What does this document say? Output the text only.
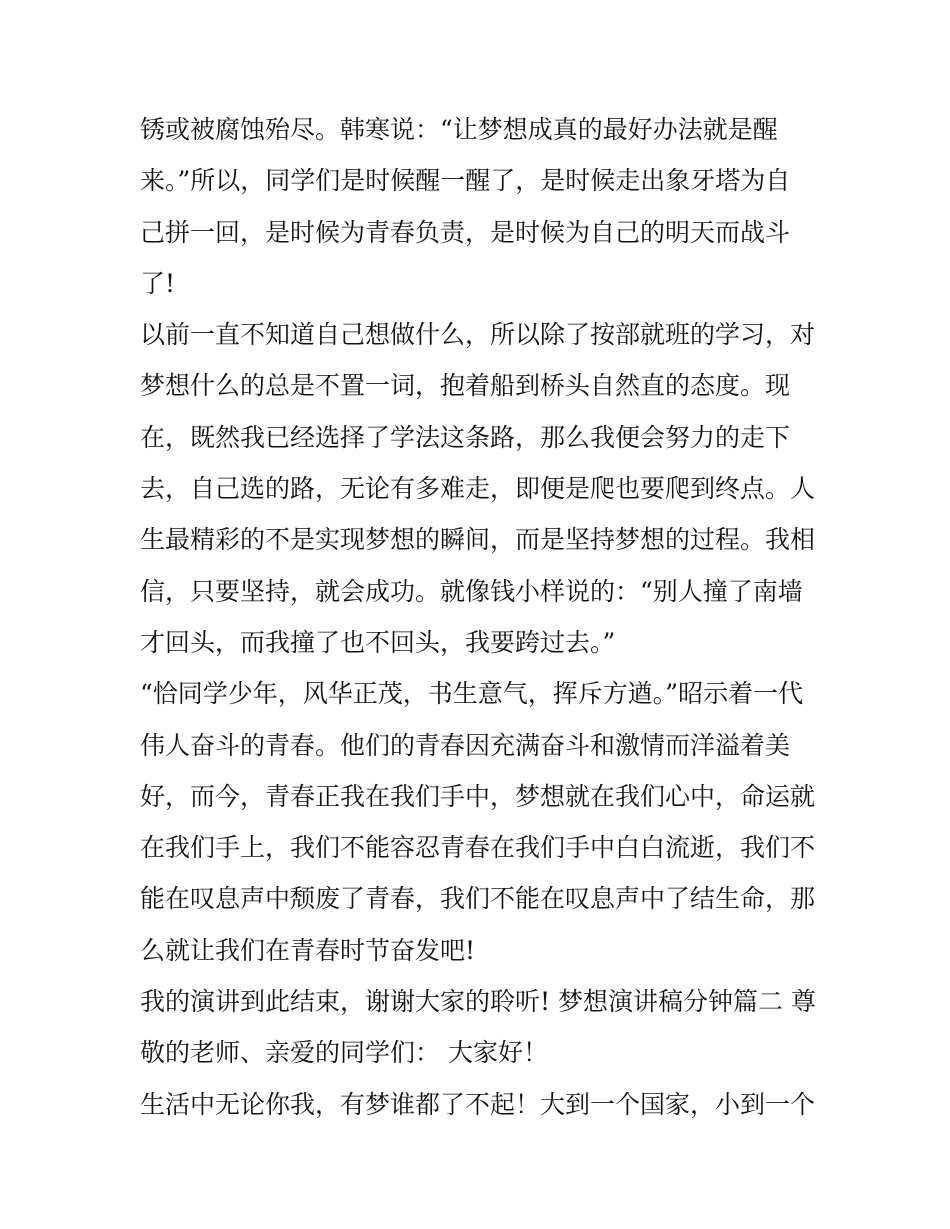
锈或被腐蚀殆尽。韩寒说：“让梦想成真的最好办法就是醒
来。”所以，同学们是时候醒一醒了，是时候走出象牙塔为自
己拼一回，是时候为青春负责，是时候为自己的明天而战斗
了!
以前一直不知道自己想做什么，所以除了按部就班的学习，对
梦想什么的总是不置一词，抱着船到桥头自然直的态度。现
在，既然我已经选择了学法这条路，那么我便会努力的走下
去，自己选的路，无论有多难走，即便是爬也要爬到终点。人
生最精彩的不是实现梦想的瞬间，而是坚持梦想的过程。我相
信，只要坚持，就会成功。就像钱小样说的：“别人撞了南墙
才回头，而我撞了也不回头，我要跨过去。”
“恰同学少年，风华正茂，书生意气，挥斥方遒。”昭示着一代
伟人奋斗的青春。他们的青春因充满奋斗和激情而洋溢着美
好，而今，青春正我在我们手中，梦想就在我们心中，命运就
在我们手上，我们不能容忍青春在我们手中白白流逝，我们不
能在叹息声中颓废了青春，我们不能在叹息声中了结生命，那
么就让我们在青春时节奋发吧!
我的演讲到此结束，谢谢大家的聆听! 梦想演讲稿分钟篇二 尊
敬的老师、亲爱的同学们： 大家好！
生活中无论你我，有梦谁都了不起！大到一个国家，小到一个
